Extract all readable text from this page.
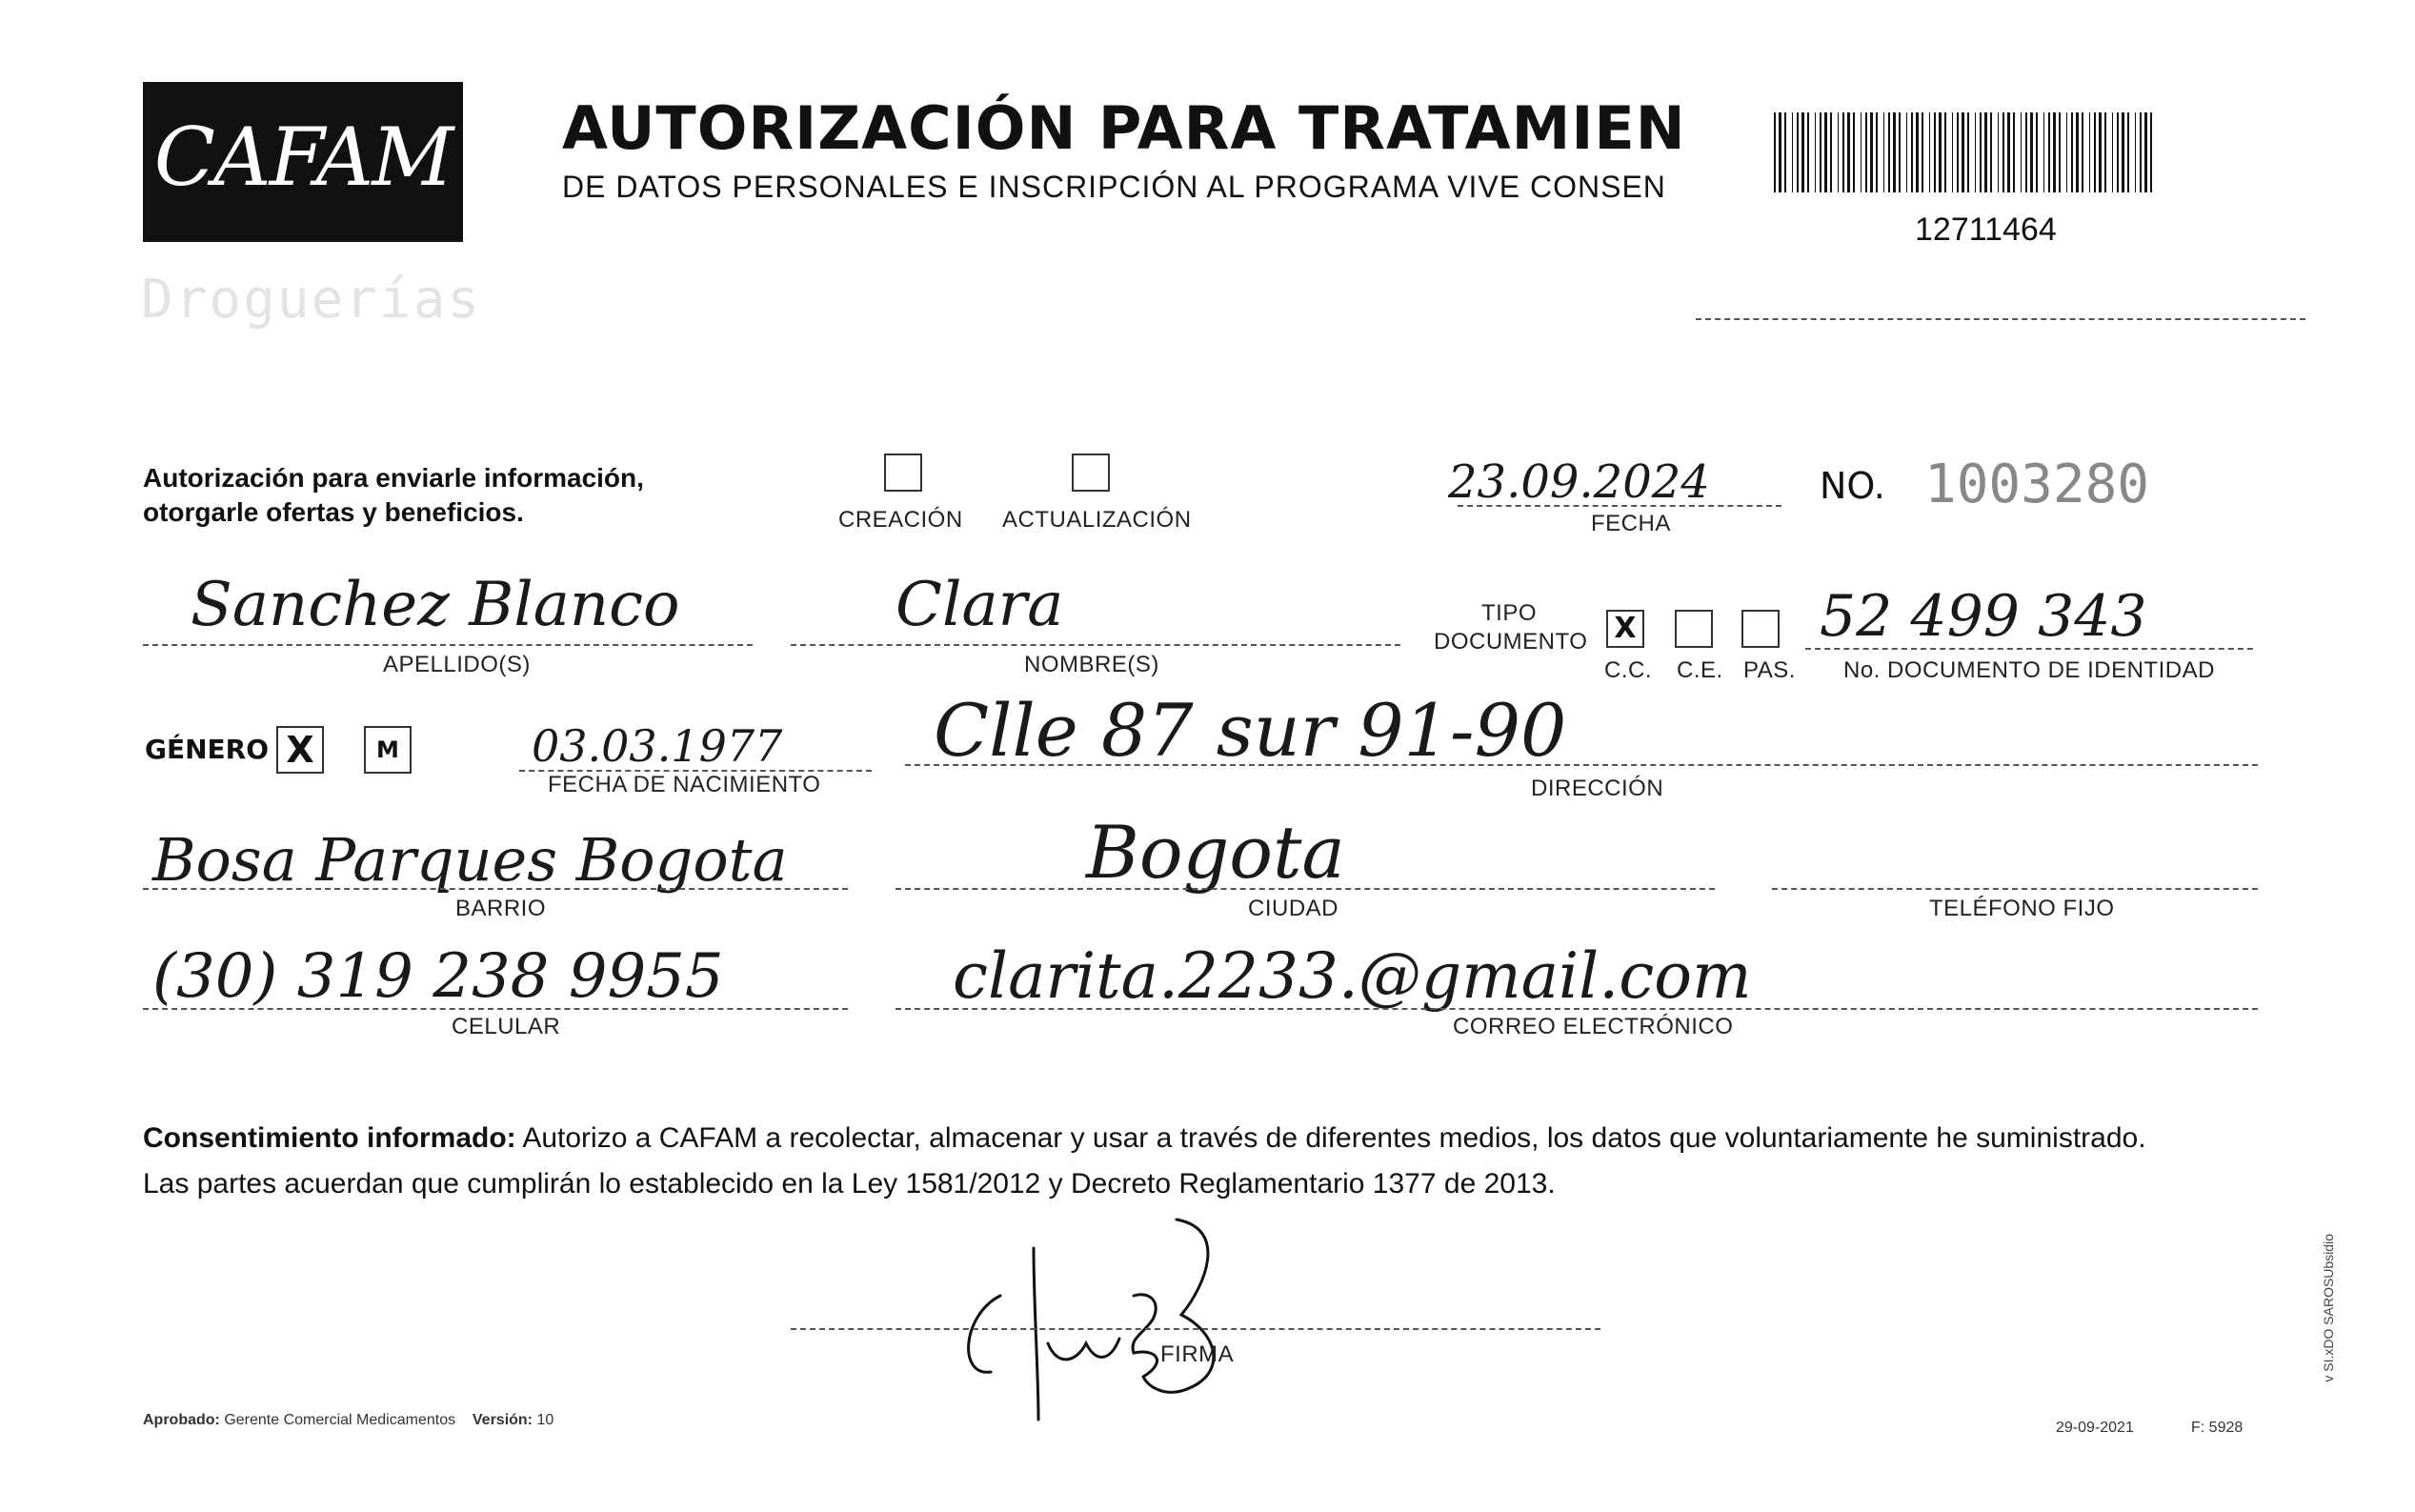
CAFAM
Droguerías
AUTORIZACIÓN PARA TRATAMIEN
DE DATOS PERSONALES E INSCRIPCIÓN AL PROGRAMA VIVE CONSEN
12711464
Autorización para enviarle información,
otorgarle ofertas y beneficios.	CREACIÓN ACTUALIZACIÓN
23.09.2024
FECHA
NO. 1003280
Sanchez Blanco
APELLIDO(S)
Clara
NOMBRE(S)
TIPO
DOCUMENTO X
C.C. C.E. PAS.
52 499 343
No. DOCUMENTO DE IDENTIDAD
GÉNERO X	M	03.03.1977
FECHA DE NACIMIENTO
Clle 87 sur 91-90
DIRECCIÓN
Bosa Parques Bogota
BARRIO
Bogota
CIUDAD	TELÉFONO FIJO
(30) 319 238 9955
CELULAR
clarita.2233.@gmail.com
CORREO ELECTRÓNICO
Consentimiento informado: Autorizo a CAFAM a recolectar, almacenar y usar a través de diferentes medios, los datos que voluntariamente he suministrado.
Las partes acuerdan que cumplirán lo establecido en la Ley 1581/2012 y Decreto Reglamentario 1377 de 2013.
FIRMA
Aprobado: Gerente Comercial Medicamentos Versión: 10	29-09-2021	F: 5928
v SI.xDO SAROSUbsidio
